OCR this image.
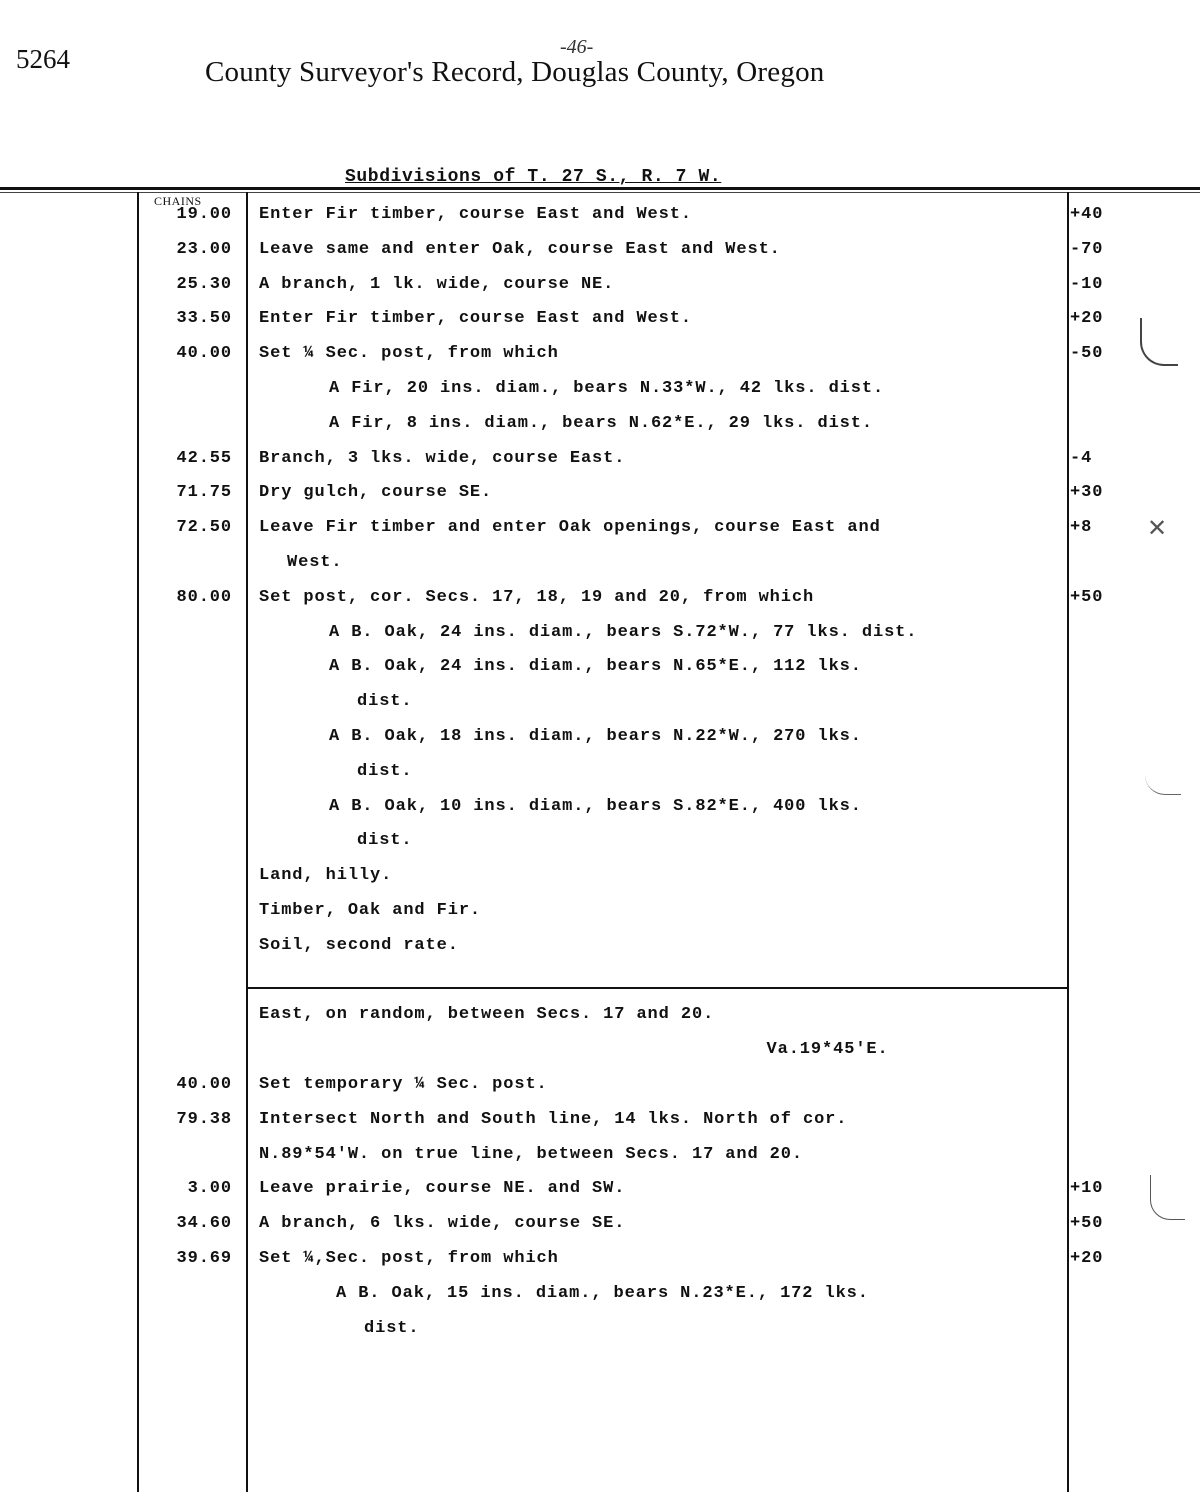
5264	-46-
County Surveyor's Record, Douglas County, Oregon
Subdivisions of T. 27 S., R. 7 W.
CHAINS
19.00 Enter Fir timber, course East and West.	+40
23.00 Leave same and enter Oak, course East and West.	-70
25.30 A branch, 1 lk. wide, course NE.	-10
33.50 Enter Fir timber, course East and West.	+20
40.00 Set ¼ Sec. post, from which	-50
A Fir, 20 ins. diam., bears N.33*W., 42 lks. dist.
A Fir, 8 ins. diam., bears N.62*E., 29 lks. dist.
42.55 Branch, 3 lks. wide, course East.	-4
71.75 Dry gulch, course SE.	+30
72.50 Leave Fir timber and enter Oak openings, course East and	+8
West.
80.00 Set post, cor. Secs. 17, 18, 19 and 20, from which	+50
A B. Oak, 24 ins. diam., bears S.72*W., 77 lks. dist.
A B. Oak, 24 ins. diam., bears N.65*E., 112 lks.
dist.
A B. Oak, 18 ins. diam., bears N.22*W., 270 lks.
dist.
A B. Oak, 10 ins. diam., bears S.82*E., 400 lks.
dist.
Land, hilly.
Timber, Oak and Fir.
Soil, second rate.
East, on random, between Secs. 17 and 20.
Va.19*45'E.
40.00 Set temporary ¼ Sec. post.
79.38 Intersect North and South line, 14 lks. North of cor.
N.89*54'W. on true line, between Secs. 17 and 20.
3.00 Leave prairie, course NE. and SW.	+10
34.60 A branch, 6 lks. wide, course SE.	+50
39.69 Set ¼,Sec. post, from which	+20
A B. Oak, 15 ins. diam., bears N.23*E., 172 lks.
dist.
✕
